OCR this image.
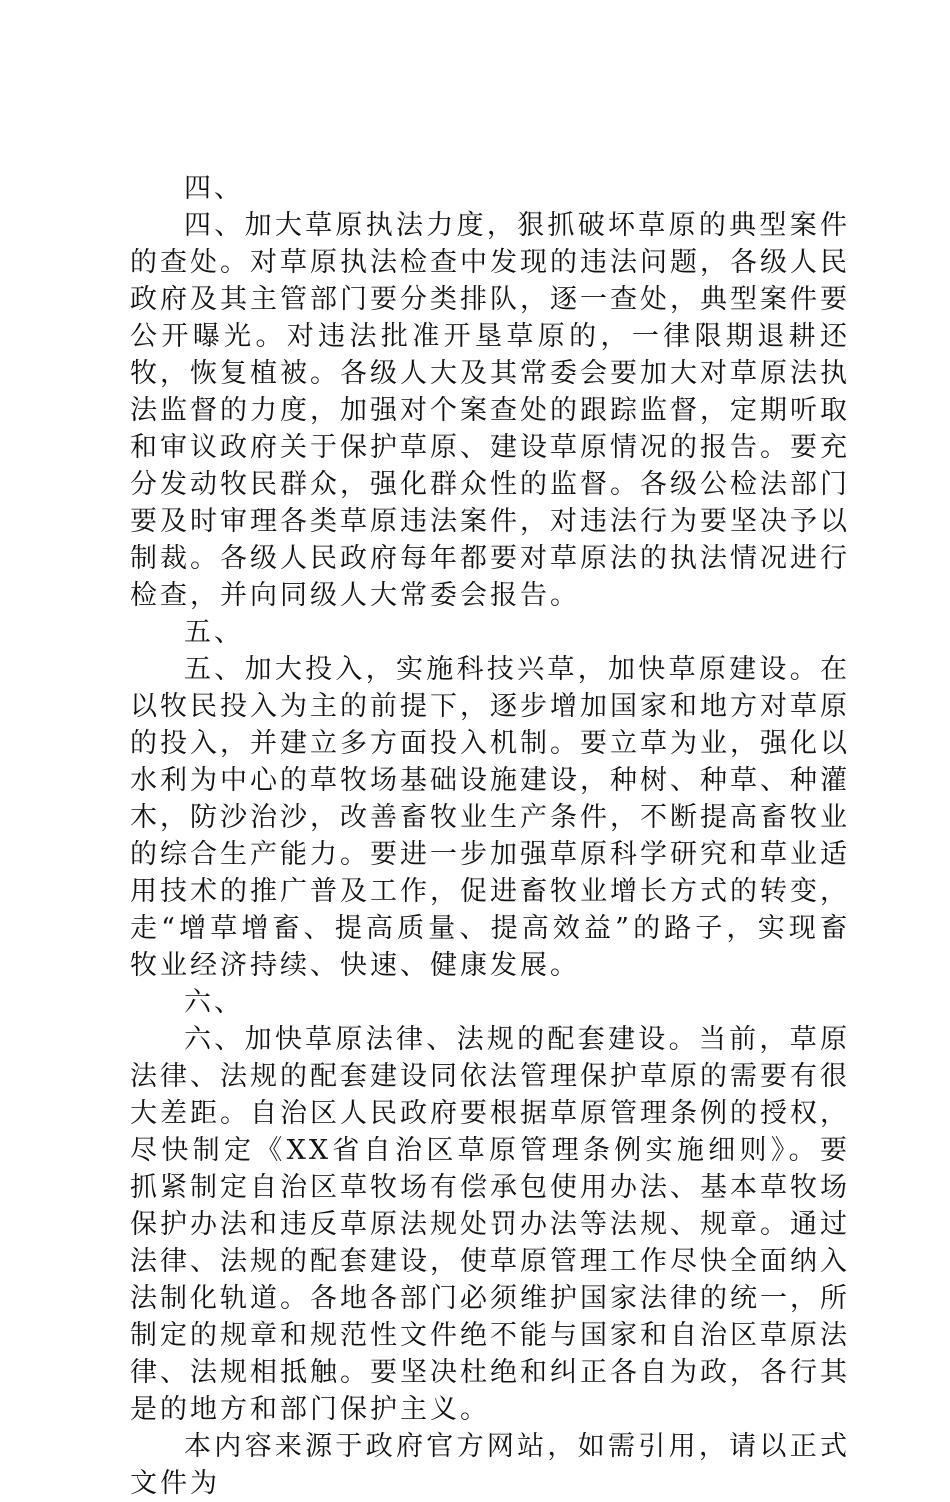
四、

四、加大草原执法力度，狠抓破坏草原的典型案件的查处。对草原执法检查中发现的违法问题，各级人民政府及其主管部门要分类排队，逐一查处，典型案件要公开曝光。对违法批准开垦草原的，一律限期退耕还牧，恢复植被。各级人大及其常委会要加大对草原法执法监督的力度，加强对个案查处的跟踪监督，定期听取和审议政府关于保护草原、建设草原情况的报告。要充分发动牧民群众，强化群众性的监督。各级公检法部门要及时审理各类草原违法案件，对违法行为要坚决予以制裁。各级人民政府每年都要对草原法的执法情况进行检查，并向同级人大常委会报告。

五、

五、加大投入，实施科技兴草，加快草原建设。在以牧民投入为主的前提下，逐步增加国家和地方对草原的投入，并建立多方面投入机制。要立草为业，强化以水利为中心的草牧场基础设施建设，种树、种草、种灌木，防沙治沙，改善畜牧业生产条件，不断提高畜牧业的综合生产能力。要进一步加强草原科学研究和草业适用技术的推广普及工作，促进畜牧业增长方式的转变，走“增草增畜、提高质量、提高效益”的路子，实现畜牧业经济持续、快速、健康发展。

六、

六、加快草原法律、法规的配套建设。当前，草原法律、法规的配套建设同依法管理保护草原的需要有很大差距。自治区人民政府要根据草原管理条例的授权，尽快制定《XX省自治区草原管理条例实施细则》。要抓紧制定自治区草牧场有偿承包使用办法、基本草牧场保护办法和违反草原法规处罚办法等法规、规章。通过法律、法规的配套建设，使草原管理工作尽快全面纳入法制化轨道。各地各部门必须维护国家法律的统一，所制定的规章和规范性文件绝不能与国家和自治区草原法律、法规相抵触。要坚决杜绝和纠正各自为政，各行其是的地方和部门保护主义。

本内容来源于政府官方网站，如需引用，请以正式文件为
